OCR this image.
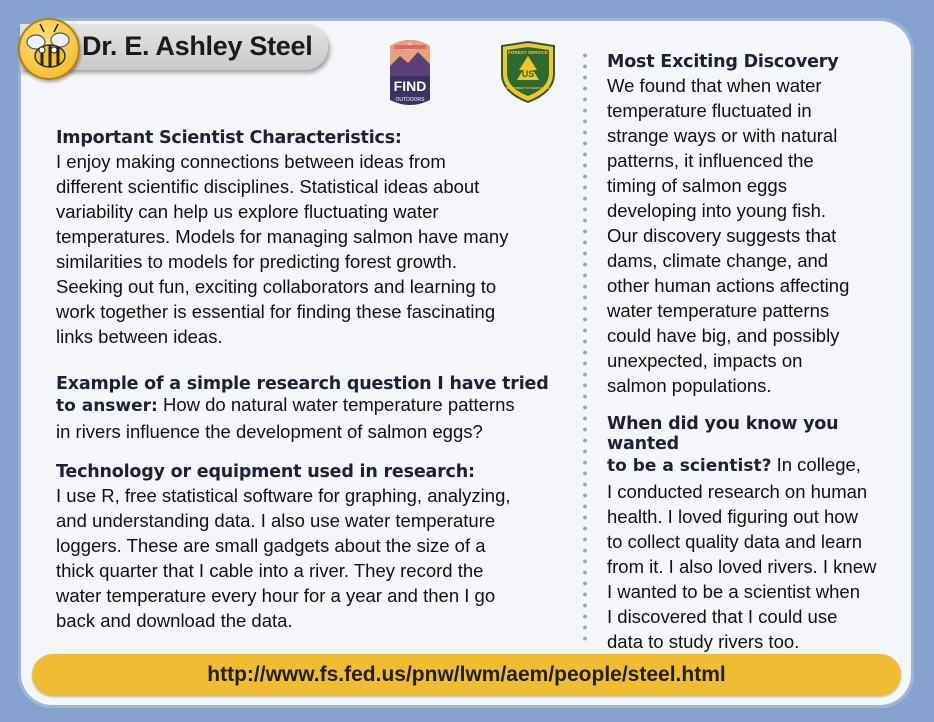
Dr. E. Ashley Steel
FIND
OUTDOORS
FOREST SERVICE
US
DEPARTMENT OF AGRICULTURE
Important Scientist Characteristics:
I enjoy making connections between ideas from
different scientific disciplines. Statistical ideas about
variability can help us explore fluctuating water
temperatures. Models for managing salmon have many
similarities to models for predicting forest growth.
Seeking out fun, exciting collaborators and learning to
work together is essential for finding these fascinating
links between ideas.
Example of a simple research question I have tried
to answer: How do natural water temperature patterns
in rivers influence the development of salmon eggs?
Technology or equipment used in research:
I use R, free statistical software for graphing, analyzing,
and understanding data. I also use water temperature
loggers. These are small gadgets about the size of a
thick quarter that I cable into a river. They record the
water temperature every hour for a year and then I go
back and download the data.
Most Exciting Discovery
We found that when water
temperature fluctuated in
strange ways or with natural
patterns, it influenced the
timing of salmon eggs
developing into young fish.
Our discovery suggests that
dams, climate change, and
other human actions affecting
water temperature patterns
could have big, and possibly
unexpected, impacts on
salmon populations.
When did you know you wanted
to be a scientist? In college,
I conducted research on human
health. I loved figuring out how
to collect quality data and learn
from it. I also loved rivers. I knew
I wanted to be a scientist when
I discovered that I could use
data to study rivers too.
http://www.fs.fed.us/pnw/lwm/aem/people/steel.html
